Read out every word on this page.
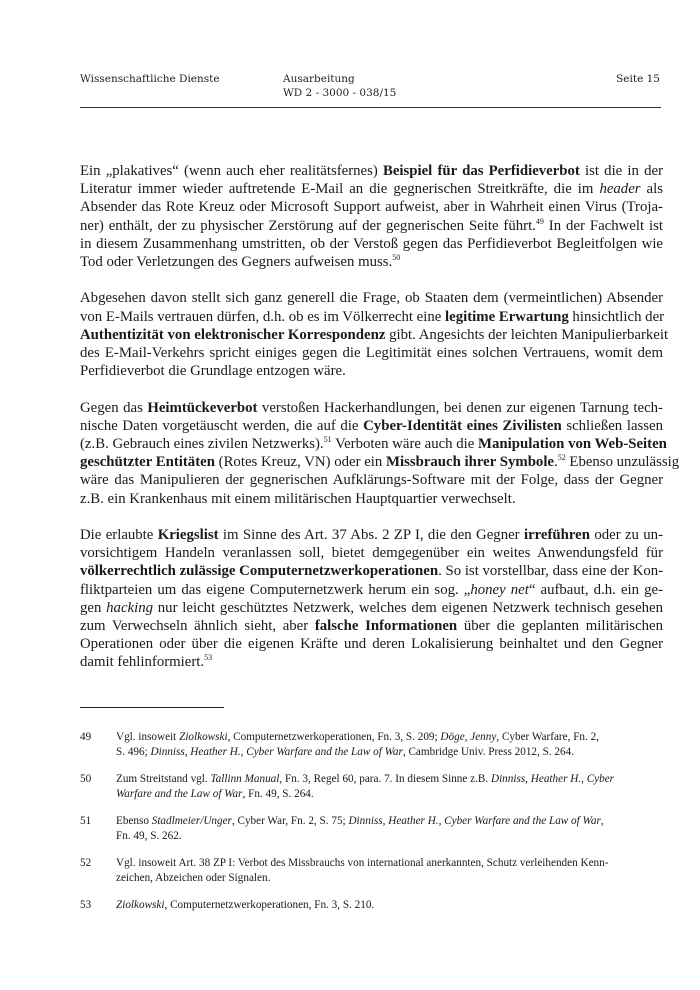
Wissenschaftliche Dienste	Ausarbeitung
WD 2 - 3000 - 038/15
Seite 15
Ein „plakatives“ (wenn auch eher realitätsfernes) Beispiel für das Perfidieverbot ist die in der
Literatur immer wieder auftretende E-Mail an die gegnerischen Streitkräfte, die im header als
Absender das Rote Kreuz oder Microsoft Support aufweist, aber in Wahrheit einen Virus (Troja-
ner) enthält, der zu physischer Zerstörung auf der gegnerischen Seite führt.$^{49}$ In der Fachwelt ist
in diesem Zusammenhang umstritten, ob der Verstoß gegen das Perfidieverbot Begleitfolgen wie
Tod oder Verletzungen des Gegners aufweisen muss.$^{50}$
Abgesehen davon stellt sich ganz generell die Frage, ob Staaten dem (vermeintlichen) Absender
von E-Mails vertrauen dürfen, d.h. ob es im Völkerrecht eine legitime Erwartung hinsichtlich der
Authentizität von elektronischer Korrespondenz gibt. Angesichts der leichten Manipulierbarkeit
des E-Mail-Verkehrs spricht einiges gegen die Legitimität eines solchen Vertrauens, womit dem
Perfidieverbot die Grundlage entzogen wäre.
Gegen das Heimtückeverbot verstoßen Hackerhandlungen, bei denen zur eigenen Tarnung tech-
nische Daten vorgetäuscht werden, die auf die Cyber-Identität eines Zivilisten schließen lassen
(z.B. Gebrauch eines zivilen Netzwerks).$^{51}$ Verboten wäre auch die Manipulation von Web-Seiten
geschützter Entitäten (Rotes Kreuz, VN) oder ein Missbrauch ihrer Symbole.$^{52}$ Ebenso unzulässig
wäre das Manipulieren der gegnerischen Aufklärungs-Software mit der Folge, dass der Gegner
z.B. ein Krankenhaus mit einem militärischen Hauptquartier verwechselt.
Die erlaubte Kriegslist im Sinne des Art. 37 Abs. 2 ZP I, die den Gegner irreführen oder zu un-
vorsichtigem Handeln veranlassen soll, bietet demgegenüber ein weites Anwendungsfeld für
völkerrechtlich zulässige Computernetzwerkoperationen. So ist vorstellbar, dass eine der Kon-
fliktparteien um das eigene Computernetzwerk herum ein sog. „honey net“ aufbaut, d.h. ein ge-
gen hacking nur leicht geschütztes Netzwerk, welches dem eigenen Netzwerk technisch gesehen
zum Verwechseln ähnlich sieht, aber falsche Informationen über die geplanten militärischen
Operationen oder über die eigenen Kräfte und deren Lokalisierung beinhaltet und den Gegner
damit fehlinformiert.$^{53}$
49 Vgl. insoweit Ziolkowski, Computernetzwerkoperationen, Fn. 3, S. 209; Döge, Jenny, Cyber Warfare, Fn. 2,
S. 496; Dinniss, Heather H., Cyber Warfare and the Law of War, Cambridge Univ. Press 2012, S. 264.
50 Zum Streitstand vgl. Tallinn Manual, Fn. 3, Regel 60, para. 7. In diesem Sinne z.B. Dinniss, Heather H., Cyber
Warfare and the Law of War, Fn. 49, S. 264.
51 Ebenso Stadlmeier/Unger, Cyber War, Fn. 2, S. 75; Dinniss, Heather H., Cyber Warfare and the Law of War,
Fn. 49, S. 262.
52 Vgl. insoweit Art. 38 ZP I: Verbot des Missbrauchs von international anerkannten, Schutz verleihenden Kenn-
zeichen, Abzeichen oder Signalen.
53 Ziolkowski, Computernetzwerkoperationen, Fn. 3, S. 210.
